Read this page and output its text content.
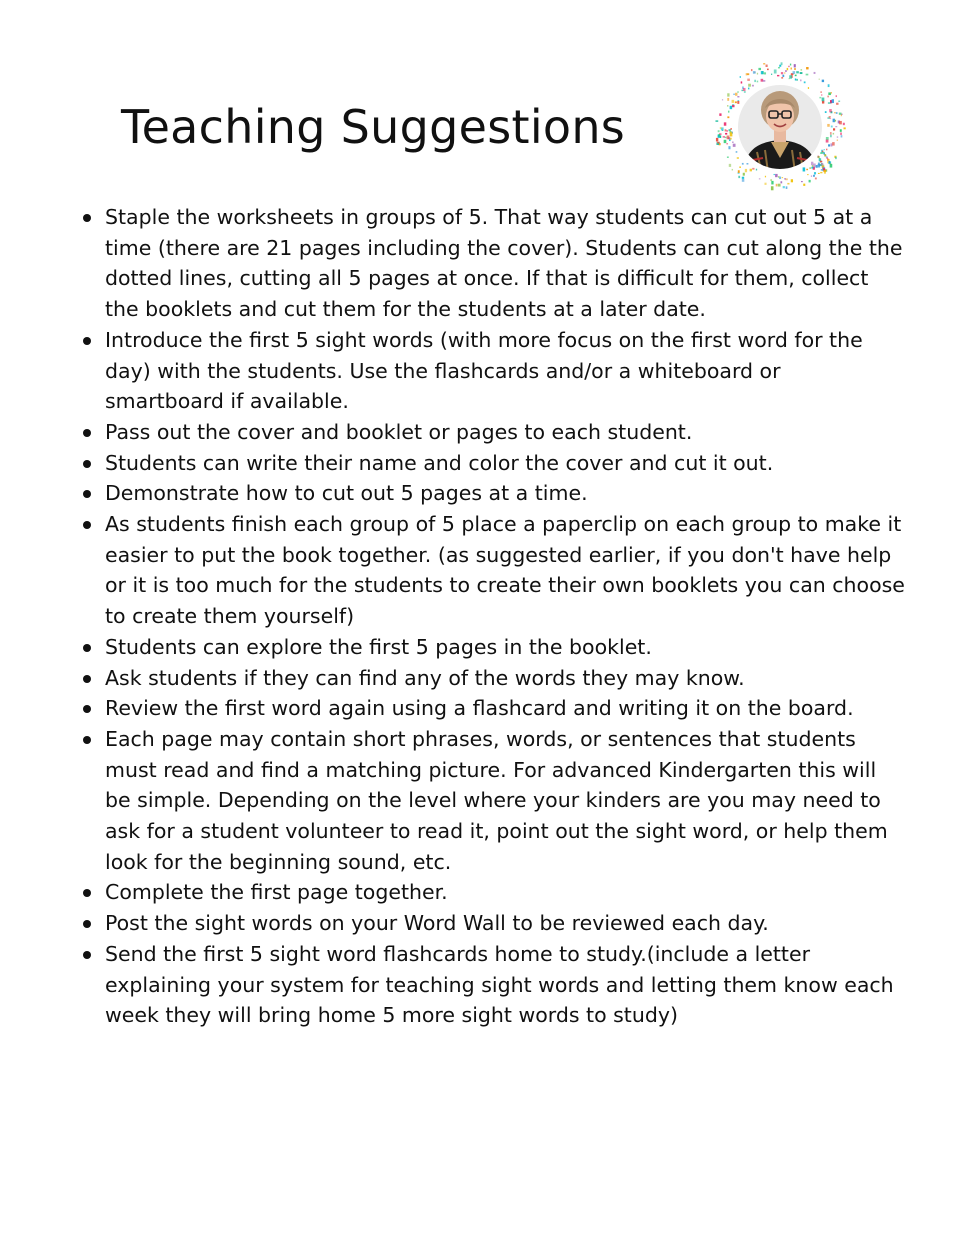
Teaching Suggestions
Staple the worksheets in groups of 5. That way students can cut out 5 at a time (there are 21 pages including the cover). Students can cut along the the dotted lines, cutting all 5 pages at once. If that is difficult for them, collect the booklets and cut them for the students at a later date.
Introduce the first 5 sight words (with more focus on the first word for the day) with the students. Use the flashcards and/or a whiteboard or smartboard if available.
Pass out the cover and booklet or pages to each student.
Students can write their name and color the cover and cut it out.
Demonstrate how to cut out 5 pages at a time.
As students finish each group of 5 place a paperclip on each group to make it easier to put the book together. (as suggested earlier, if you don't have help or it is too much for the students to create their own booklets you can choose to create them yourself)
Students can explore the first 5 pages in the booklet.
Ask students if they can find any of the words they may know.
Review the first word again using a flashcard and writing it on the board.
Each page may contain short phrases, words, or sentences that students must read and find a matching picture. For advanced Kindergarten this will be simple. Depending on the level where your kinders are you may need to ask for a student volunteer to read it, point out the sight word, or help them look for the beginning sound, etc.
Complete the first page together.
Post the sight words on your Word Wall to be reviewed each day.
Send the first 5 sight word flashcards home to study.(include a letter explaining your system for teaching sight words and letting them know each week they will bring home 5 more sight words to study)
